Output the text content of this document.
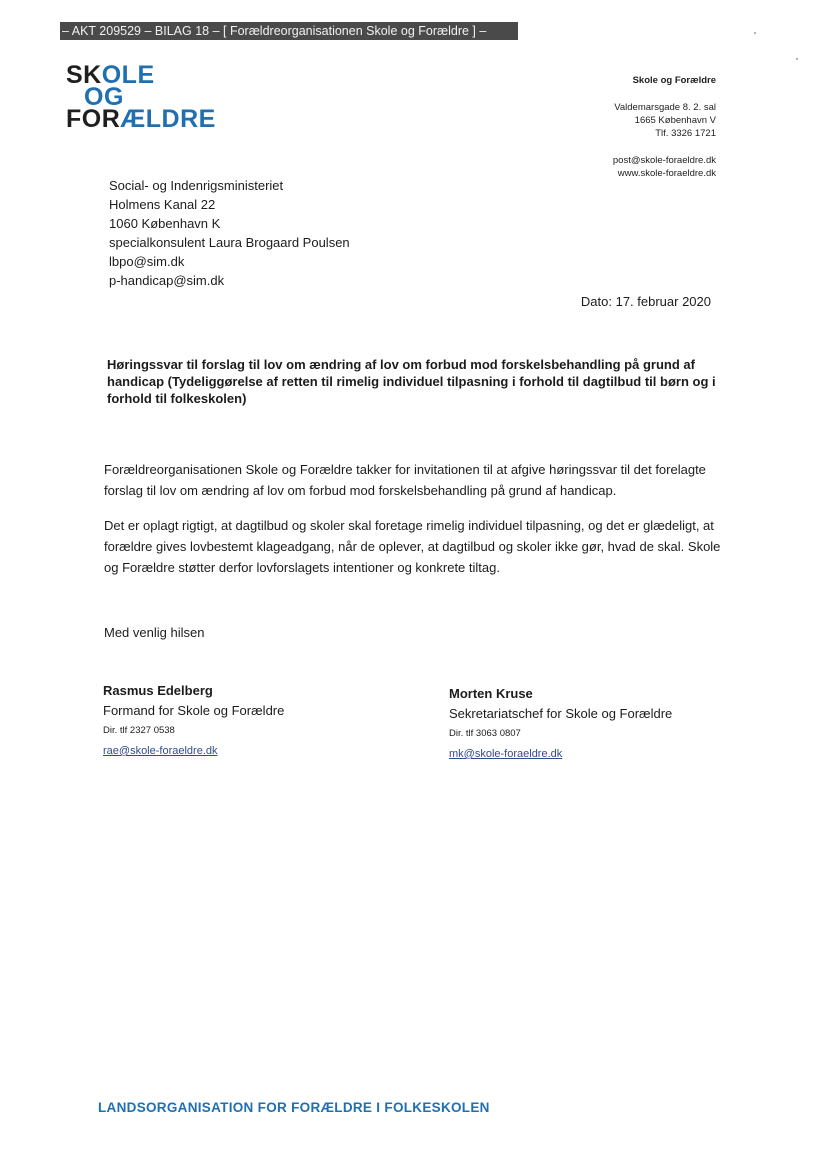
– AKT 209529 – BILAG 18 – [ Forældreorganisationen Skole og Forældre ] –
SKOLE
OG
FORÆLDRE
Skole og Forældre
Valdemarsgade 8. 2. sal
1665 København V
Tlf. 3326 1721
post@skole-foraeldre.dk
www.skole-foraeldre.dk
Social- og Indenrigsministeriet
Holmens Kanal 22
1060 København K
specialkonsulent Laura Brogaard Poulsen
lbpo@sim.dk
p-handicap@sim.dk
Dato: 17. februar 2020
Høringssvar til forslag til lov om ændring af lov om forbud mod forskelsbehandling på grund af handicap (Tydeliggørelse af retten til rimelig individuel tilpasning i forhold til dagtilbud til børn og i forhold til folkeskolen)
Forældreorganisationen Skole og Forældre takker for invitationen til at afgive høringssvar til det forelagte forslag til lov om ændring af lov om forbud mod forskelsbehandling på grund af handicap.
Det er oplagt rigtigt, at dagtilbud og skoler skal foretage rimelig individuel tilpasning, og det er glædeligt, at forældre gives lovbestemt klageadgang, når de oplever, at dagtilbud og skoler ikke gør, hvad de skal. Skole og Forældre støtter derfor lovforslagets intentioner og konkrete tiltag.
Med venlig hilsen
Rasmus Edelberg
Formand for Skole og Forældre
Dir. tlf 2327 0538
rae@skole-foraeldre.dk
Morten Kruse
Sekretariatschef for Skole og Forældre
Dir. tlf 3063 0807
mk@skole-foraeldre.dk
LANDSORGANISATION FOR FORÆLDRE I FOLKESKOLEN
